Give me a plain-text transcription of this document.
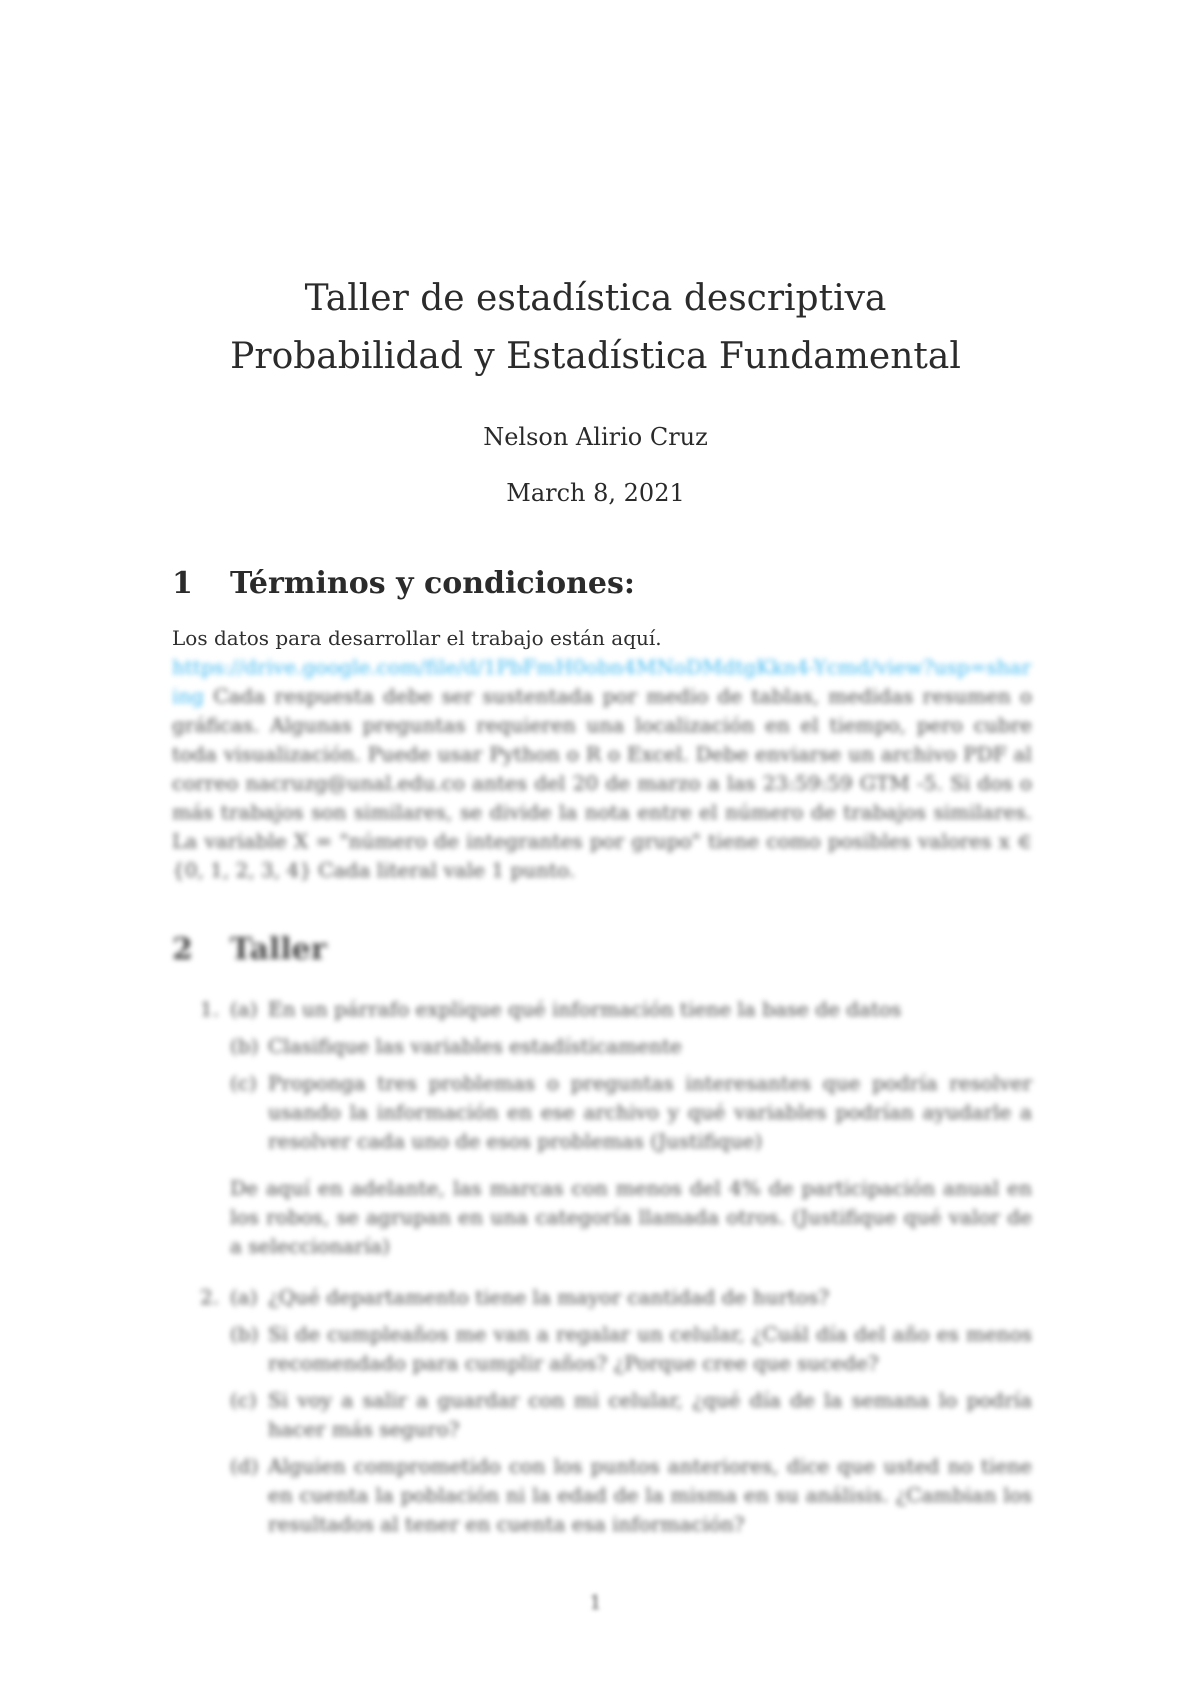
Taller de estadística descriptiva
Probabilidad y Estadística Fundamental
Nelson Alirio Cruz
March 8, 2021
1 Términos y condiciones:
Los datos para desarrollar el trabajo están aquí.
https://drive.google.com/file/d/1PbFmH0obn4MNoDMdtgKkn4-Ycmd/view?usp=sharing Cada respuesta debe ser sustentada por medio de tablas, medidas resumen o gráficas. Algunas preguntas requieren una localización en el tiempo, pero cubre toda visualización. Puede usar Python o R o Excel. Debe enviarse un archivo PDF al correo nacruzg@unal.edu.co antes del 20 de marzo a las 23:59:59 GTM -5. Si dos o más trabajos son similares, se divide la nota entre el número de trabajos similares. La variable X = "número de integrantes por grupo" tiene como posibles valores x ∈ {0, 1, 2, 3, 4} Cada literal vale 1 punto.
2 Taller
1. (a) En un párrafo explique qué información tiene la base de datos
(b) Clasifique las variables estadísticamente
(c) Proponga tres problemas o preguntas interesantes que podría resolver usando la información en ese archivo y qué variables podrían ayudarle a resolver cada uno de esos problemas (Justifique)
De aquí en adelante, las marcas con menos del 4% de participación anual en los robos, se agrupan en una categoría llamada otros. (Justifique qué valor de a seleccionaría)
2. (a) ¿Qué departamento tiene la mayor cantidad de hurtos?
(b) Si de cumpleaños me van a regalar un celular, ¿Cuál día del año es menos recomendado para cumplir años? ¿Porque cree que sucede?
(c) Si voy a salir a guardar con mi celular, ¿qué día de la semana lo podría hacer más seguro?
(d) Alguien comprometido con los puntos anteriores, dice que usted no tiene en cuenta la población ni la edad de la misma en su análisis. ¿Cambian los resultados al tener en cuenta esa información?
1
